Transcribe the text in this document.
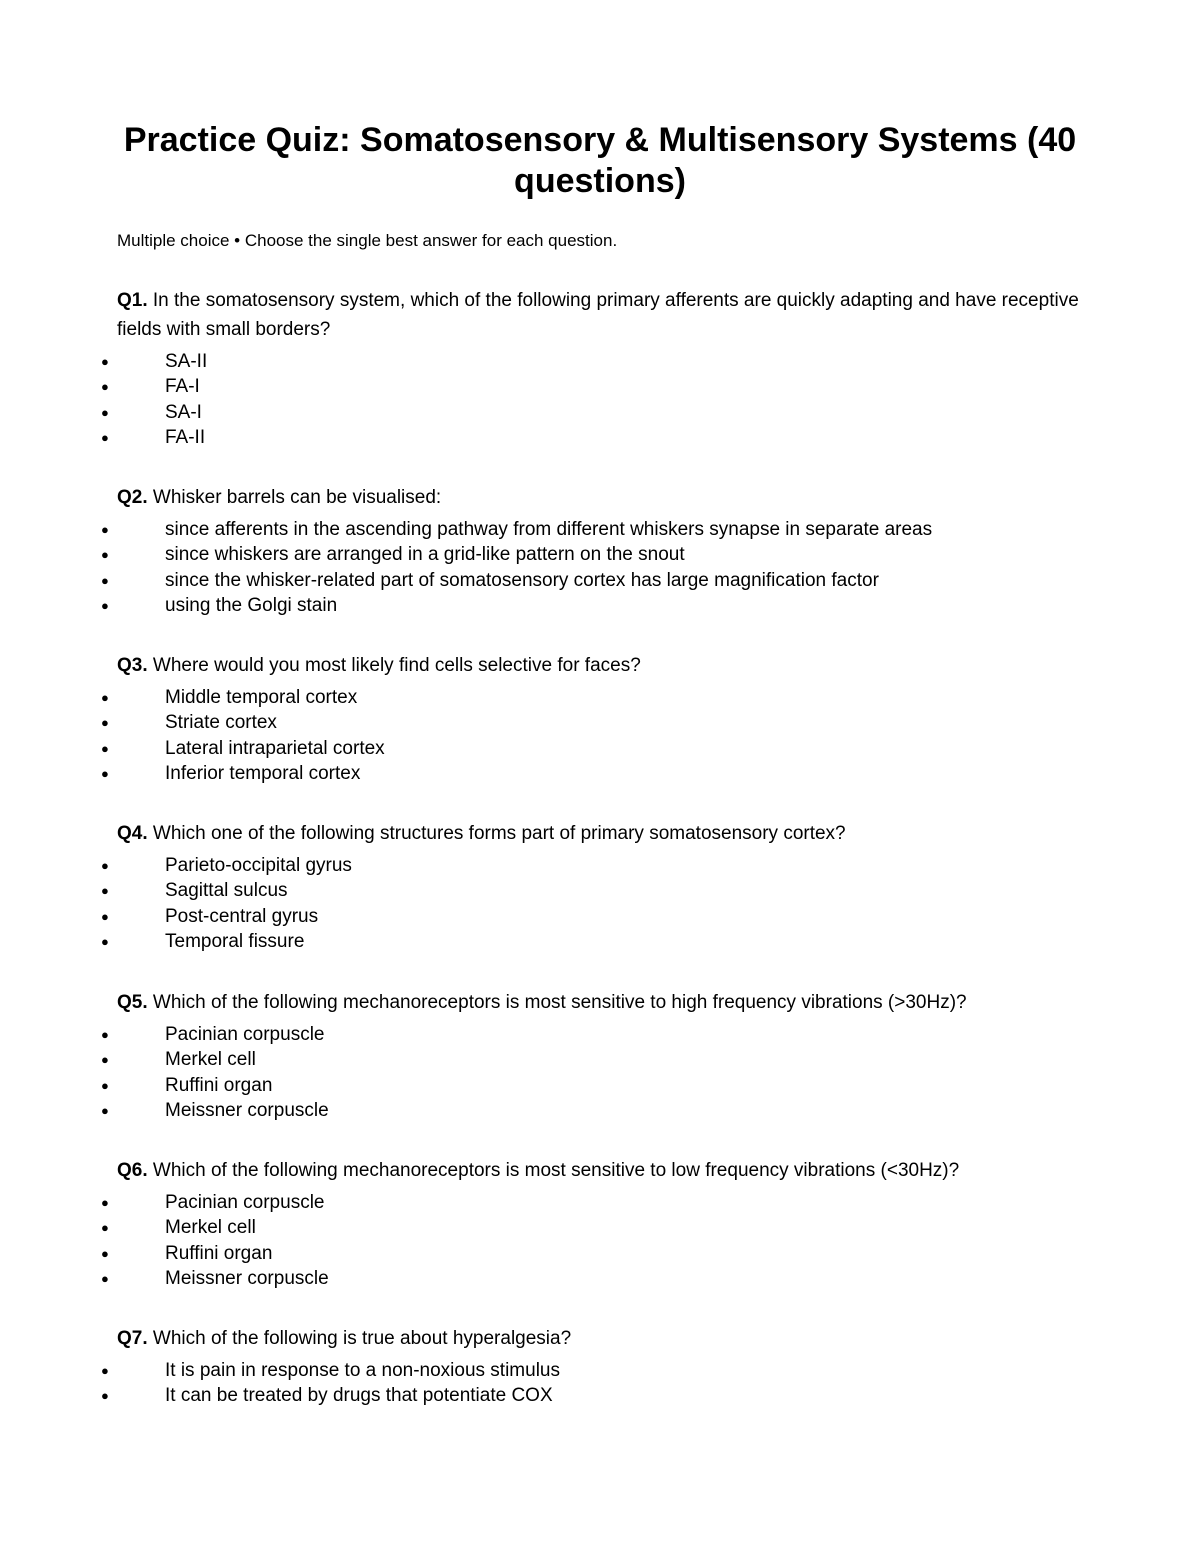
Practice Quiz: Somatosensory & Multisensory Systems (40 questions)

Multiple choice • Choose the single best answer for each question.

Q1. In the somatosensory system, which of the following primary afferents are quickly adapting and have receptive fields with small borders?

●	SA-II
●	FA-I
●	SA-I
●	FA-II

Q2. Whisker barrels can be visualised:

●	since afferents in the ascending pathway from different whiskers synapse in separate areas
●	since whiskers are arranged in a grid-like pattern on the snout
●	since the whisker-related part of somatosensory cortex has large magnification factor
●	using the Golgi stain

Q3. Where would you most likely find cells selective for faces?

●	Middle temporal cortex
●	Striate cortex
●	Lateral intraparietal cortex
●	Inferior temporal cortex

Q4. Which one of the following structures forms part of primary somatosensory cortex?

●	Parieto-occipital gyrus
●	Sagittal sulcus
●	Post-central gyrus
●	Temporal fissure

Q5. Which of the following mechanoreceptors is most sensitive to high frequency vibrations (>30Hz)?

●	Pacinian corpuscle
●	Merkel cell
●	Ruffini organ
●	Meissner corpuscle

Q6. Which of the following mechanoreceptors is most sensitive to low frequency vibrations (<30Hz)?

●	Pacinian corpuscle
●	Merkel cell
●	Ruffini organ
●	Meissner corpuscle

Q7. Which of the following is true about hyperalgesia?

●	It is pain in response to a non-noxious stimulus
●	It can be treated by drugs that potentiate COX
